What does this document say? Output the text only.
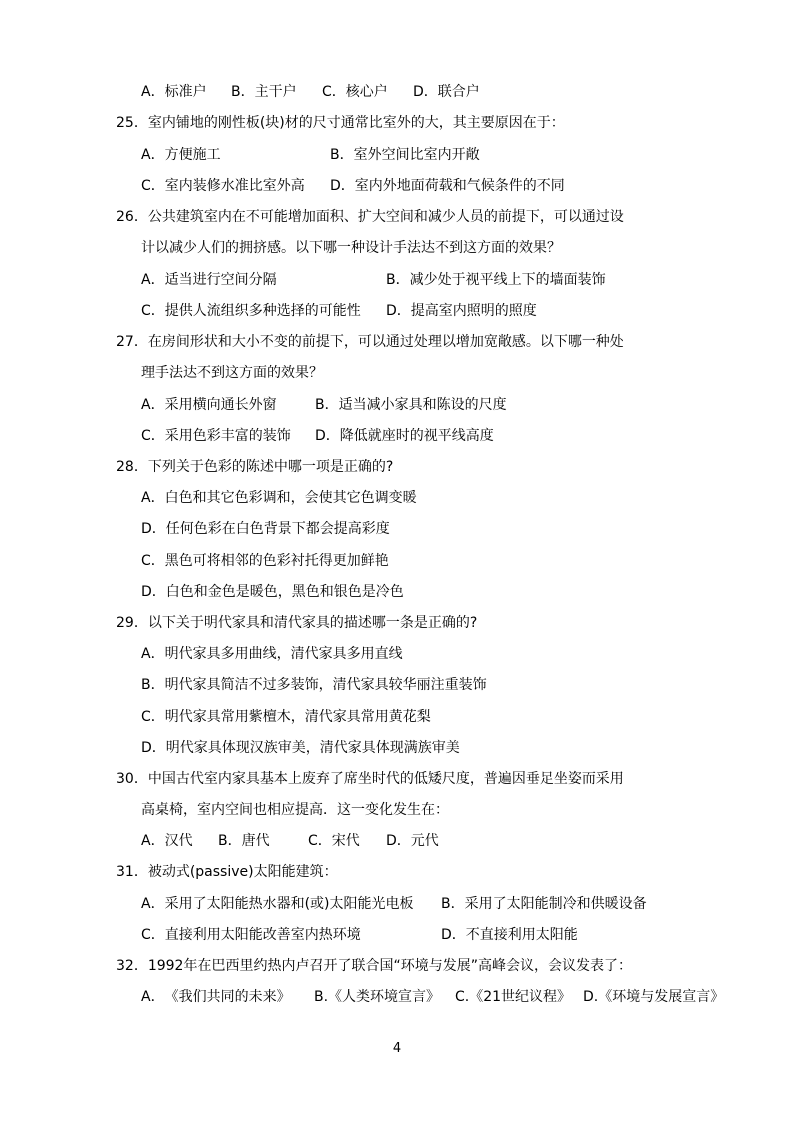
A．标准户 B．主干户 C．核心户 D．联合户
25．室内铺地的刚性板(块)材的尺寸通常比室外的大，其主要原因在于：
A．方便施工	B．室外空间比室内开敞
C．室内装修水准比室外高 D．室内外地面荷载和气候条件的不同
26．公共建筑室内在不可能增加面积、扩大空间和减少人员的前提下，可以通过设
计以减少人们的拥挤感。以下哪一种设计手法达不到这方面的效果？
A．适当进行空间分隔	B．减少处于视平线上下的墙面装饰
C．提供人流组织多种选择的可能性 D．提高室内照明的照度
27．在房间形状和大小不变的前提下，可以通过处理以增加宽敞感。以下哪一种处
理手法达不到这方面的效果？
A．采用横向通长外窗	B．适当减小家具和陈设的尺度
C．采用色彩丰富的装饰 D．降低就座时的视平线高度
28．下列关于色彩的陈述中哪一项是正确的?
A．白色和其它色彩调和，会使其它色调变暖
D．任何色彩在白色背景下都会提高彩度
C．黑色可将相邻的色彩衬托得更加鲜艳
D．白色和金色是暖色，黑色和银色是冷色
29．以下关于明代家具和清代家具的描述哪一条是正确的?
A．明代家具多用曲线，清代家具多用直线
B．明代家具简洁不过多装饰，清代家具较华丽注重装饰
C．明代家具常用紫檀木，清代家具常用黄花梨
D．明代家具体现汉族审美，清代家具体现满族审美
30．中国古代室内家具基本上废弃了席坐时代的低矮尺度，普遍因垂足坐姿而采用
高桌椅，室内空间也相应提高．这一变化发生在：
A．汉代 B．唐代	C．宋代 D．元代
31．被动式(passive)太阳能建筑：
A．采用了太阳能热水器和(或)太阳能光电板 B．采用了太阳能制冷和供暖设备
C．直接利用太阳能改善室内热环境	D．不直接利用太阳能
32．1992年在巴西里约热内卢召开了联合国“环境与发展”高峰会议，会议发表了：
A．　《我们共同的未来》 B.《人类环境宣言》 C.《21世纪议程》 D.《环境与发展宣言》
4
